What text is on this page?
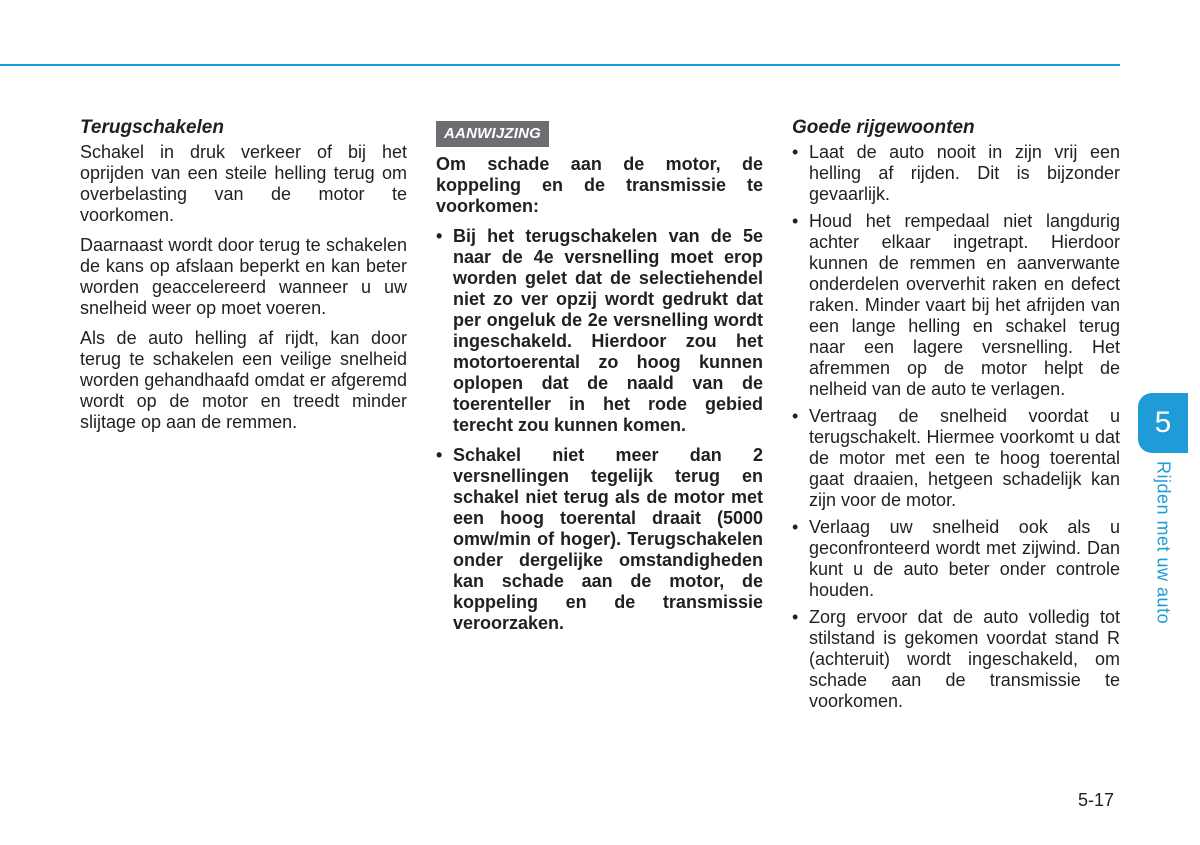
Terugschakelen

Schakel in druk verkeer of bij het oprijden van een steile helling terug om overbelasting van de motor te voorkomen.

Daarnaast wordt door terug te schakelen de kans op afslaan beperkt en kan beter worden geaccelereerd wanneer u uw snelheid weer op moet voeren.

Als de auto helling af rijdt, kan door terug te schakelen een veilige snelheid worden gehandhaafd omdat er afgeremd wordt op de motor en treedt minder slijtage op aan de remmen.

AANWIJZING

Om schade aan de motor, de koppeling en de transmissie te voorkomen:

• Bij het terugschakelen van de 5e naar de 4e versnelling moet erop worden gelet dat de selectiehendel niet zo ver opzij wordt gedrukt dat per ongeluk de 2e versnelling wordt ingeschakeld. Hierdoor zou het motortoerental zo hoog kunnen oplopen dat de naald van de toerenteller in het rode gebied terecht zou kunnen komen.
• Schakel niet meer dan 2 versnellingen tegelijk terug en schakel niet terug als de motor met een hoog toerental draait (5000 omw/min of hoger). Terugschakelen onder dergelijke omstandigheden kan schade aan de motor, de koppeling en de transmissie veroorzaken.
Goede rijgewoonten
• Laat de auto nooit in zijn vrij een helling af rijden. Dit is bijzonder gevaarlijk.
• Houd het rempedaal niet langdurig achter elkaar ingetrapt. Hierdoor kunnen de remmen en aanverwante onderdelen oververhit raken en defect raken. Minder vaart bij het afrijden van een lange helling en schakel terug naar een lagere versnelling. Het afremmen op de motor helpt de nelheid van de auto te verlagen.
• Vertraag de snelheid voordat u terugschakelt. Hiermee voorkomt u dat de motor met een te hoog toerental gaat draaien, hetgeen schadelijk kan zijn voor de motor.
• Verlaag uw snelheid ook als u geconfronteerd wordt met zijwind. Dan kunt u de auto beter onder controle houden.
• Zorg ervoor dat de auto volledig tot stilstand is gekomen voordat stand R (achteruit) wordt ingeschakeld, om schade aan de transmissie te voorkomen.
5
Rijden met uw auto
5-17
